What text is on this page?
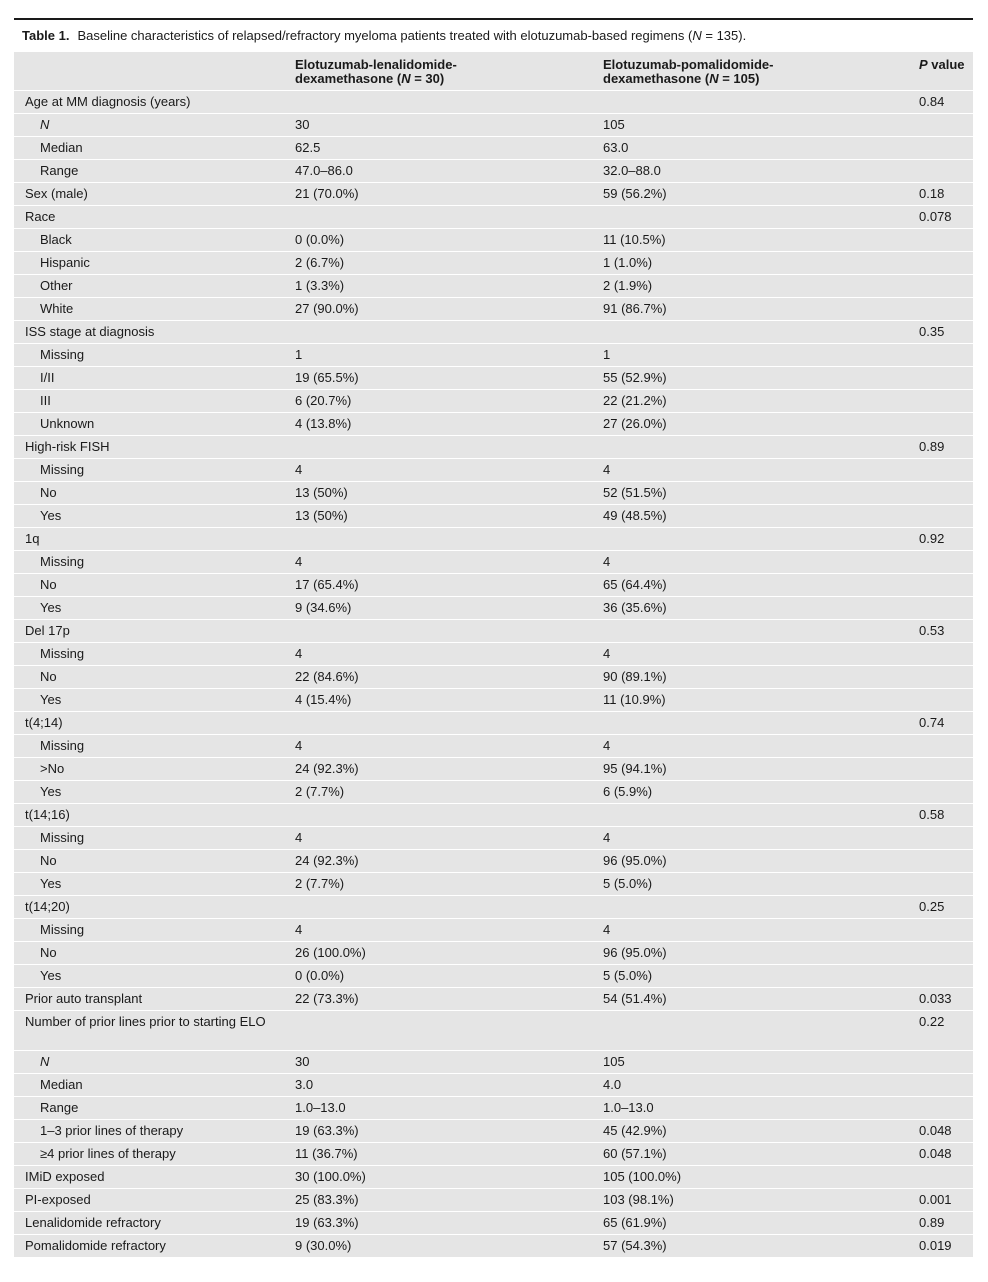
Table 1. Baseline characteristics of relapsed/refractory myeloma patients treated with elotuzumab-based regimens (N = 135).
	Elotuzumab-lenalidomide-
dexamethasone (N = 30)	Elotuzumab-pomalidomide-
dexamethasone (N = 105)	P value
Age at MM diagnosis (years)			0.84
N	30	105	
Median	62.5	63.0	
Range	47.0–86.0	32.0–88.0	
Sex (male)	21 (70.0%)	59 (56.2%)	0.18
Race			0.078
Black	0 (0.0%)	11 (10.5%)	
Hispanic	2 (6.7%)	1 (1.0%)	
Other	1 (3.3%)	2 (1.9%)	
White	27 (90.0%)	91 (86.7%)	
ISS stage at diagnosis			0.35
Missing	1	1	
I/II	19 (65.5%)	55 (52.9%)	
III	6 (20.7%)	22 (21.2%)	
Unknown	4 (13.8%)	27 (26.0%)	
High-risk FISH			0.89
Missing	4	4	
No	13 (50%)	52 (51.5%)	
Yes	13 (50%)	49 (48.5%)	
1q			0.92
Missing	4	4	
No	17 (65.4%)	65 (64.4%)	
Yes	9 (34.6%)	36 (35.6%)	
Del 17p			0.53
Missing	4	4	
No	22 (84.6%)	90 (89.1%)	
Yes	4 (15.4%)	11 (10.9%)	
t(4;14)			0.74
Missing	4	4	
>No	24 (92.3%)	95 (94.1%)	
Yes	2 (7.7%)	6 (5.9%)	
t(14;16)			0.58
Missing	4	4	
No	24 (92.3%)	96 (95.0%)	
Yes	2 (7.7%)	5 (5.0%)	
t(14;20)			0.25
Missing	4	4	
No	26 (100.0%)	96 (95.0%)	
Yes	0 (0.0%)	5 (5.0%)	
Prior auto transplant	22 (73.3%)	54 (51.4%)	0.033
Number of prior lines prior to starting ELO			0.22
N	30	105	
Median	3.0	4.0	
Range	1.0–13.0	1.0–13.0	
1–3 prior lines of therapy	19 (63.3%)	45 (42.9%)	0.048
≥4 prior lines of therapy	11 (36.7%)	60 (57.1%)	0.048
IMiD exposed	30 (100.0%)	105 (100.0%)	
PI-exposed	25 (83.3%)	103 (98.1%)	0.001
Lenalidomide refractory	19 (63.3%)	65 (61.9%)	0.89
Pomalidomide refractory	9 (30.0%)	57 (54.3%)	0.019
